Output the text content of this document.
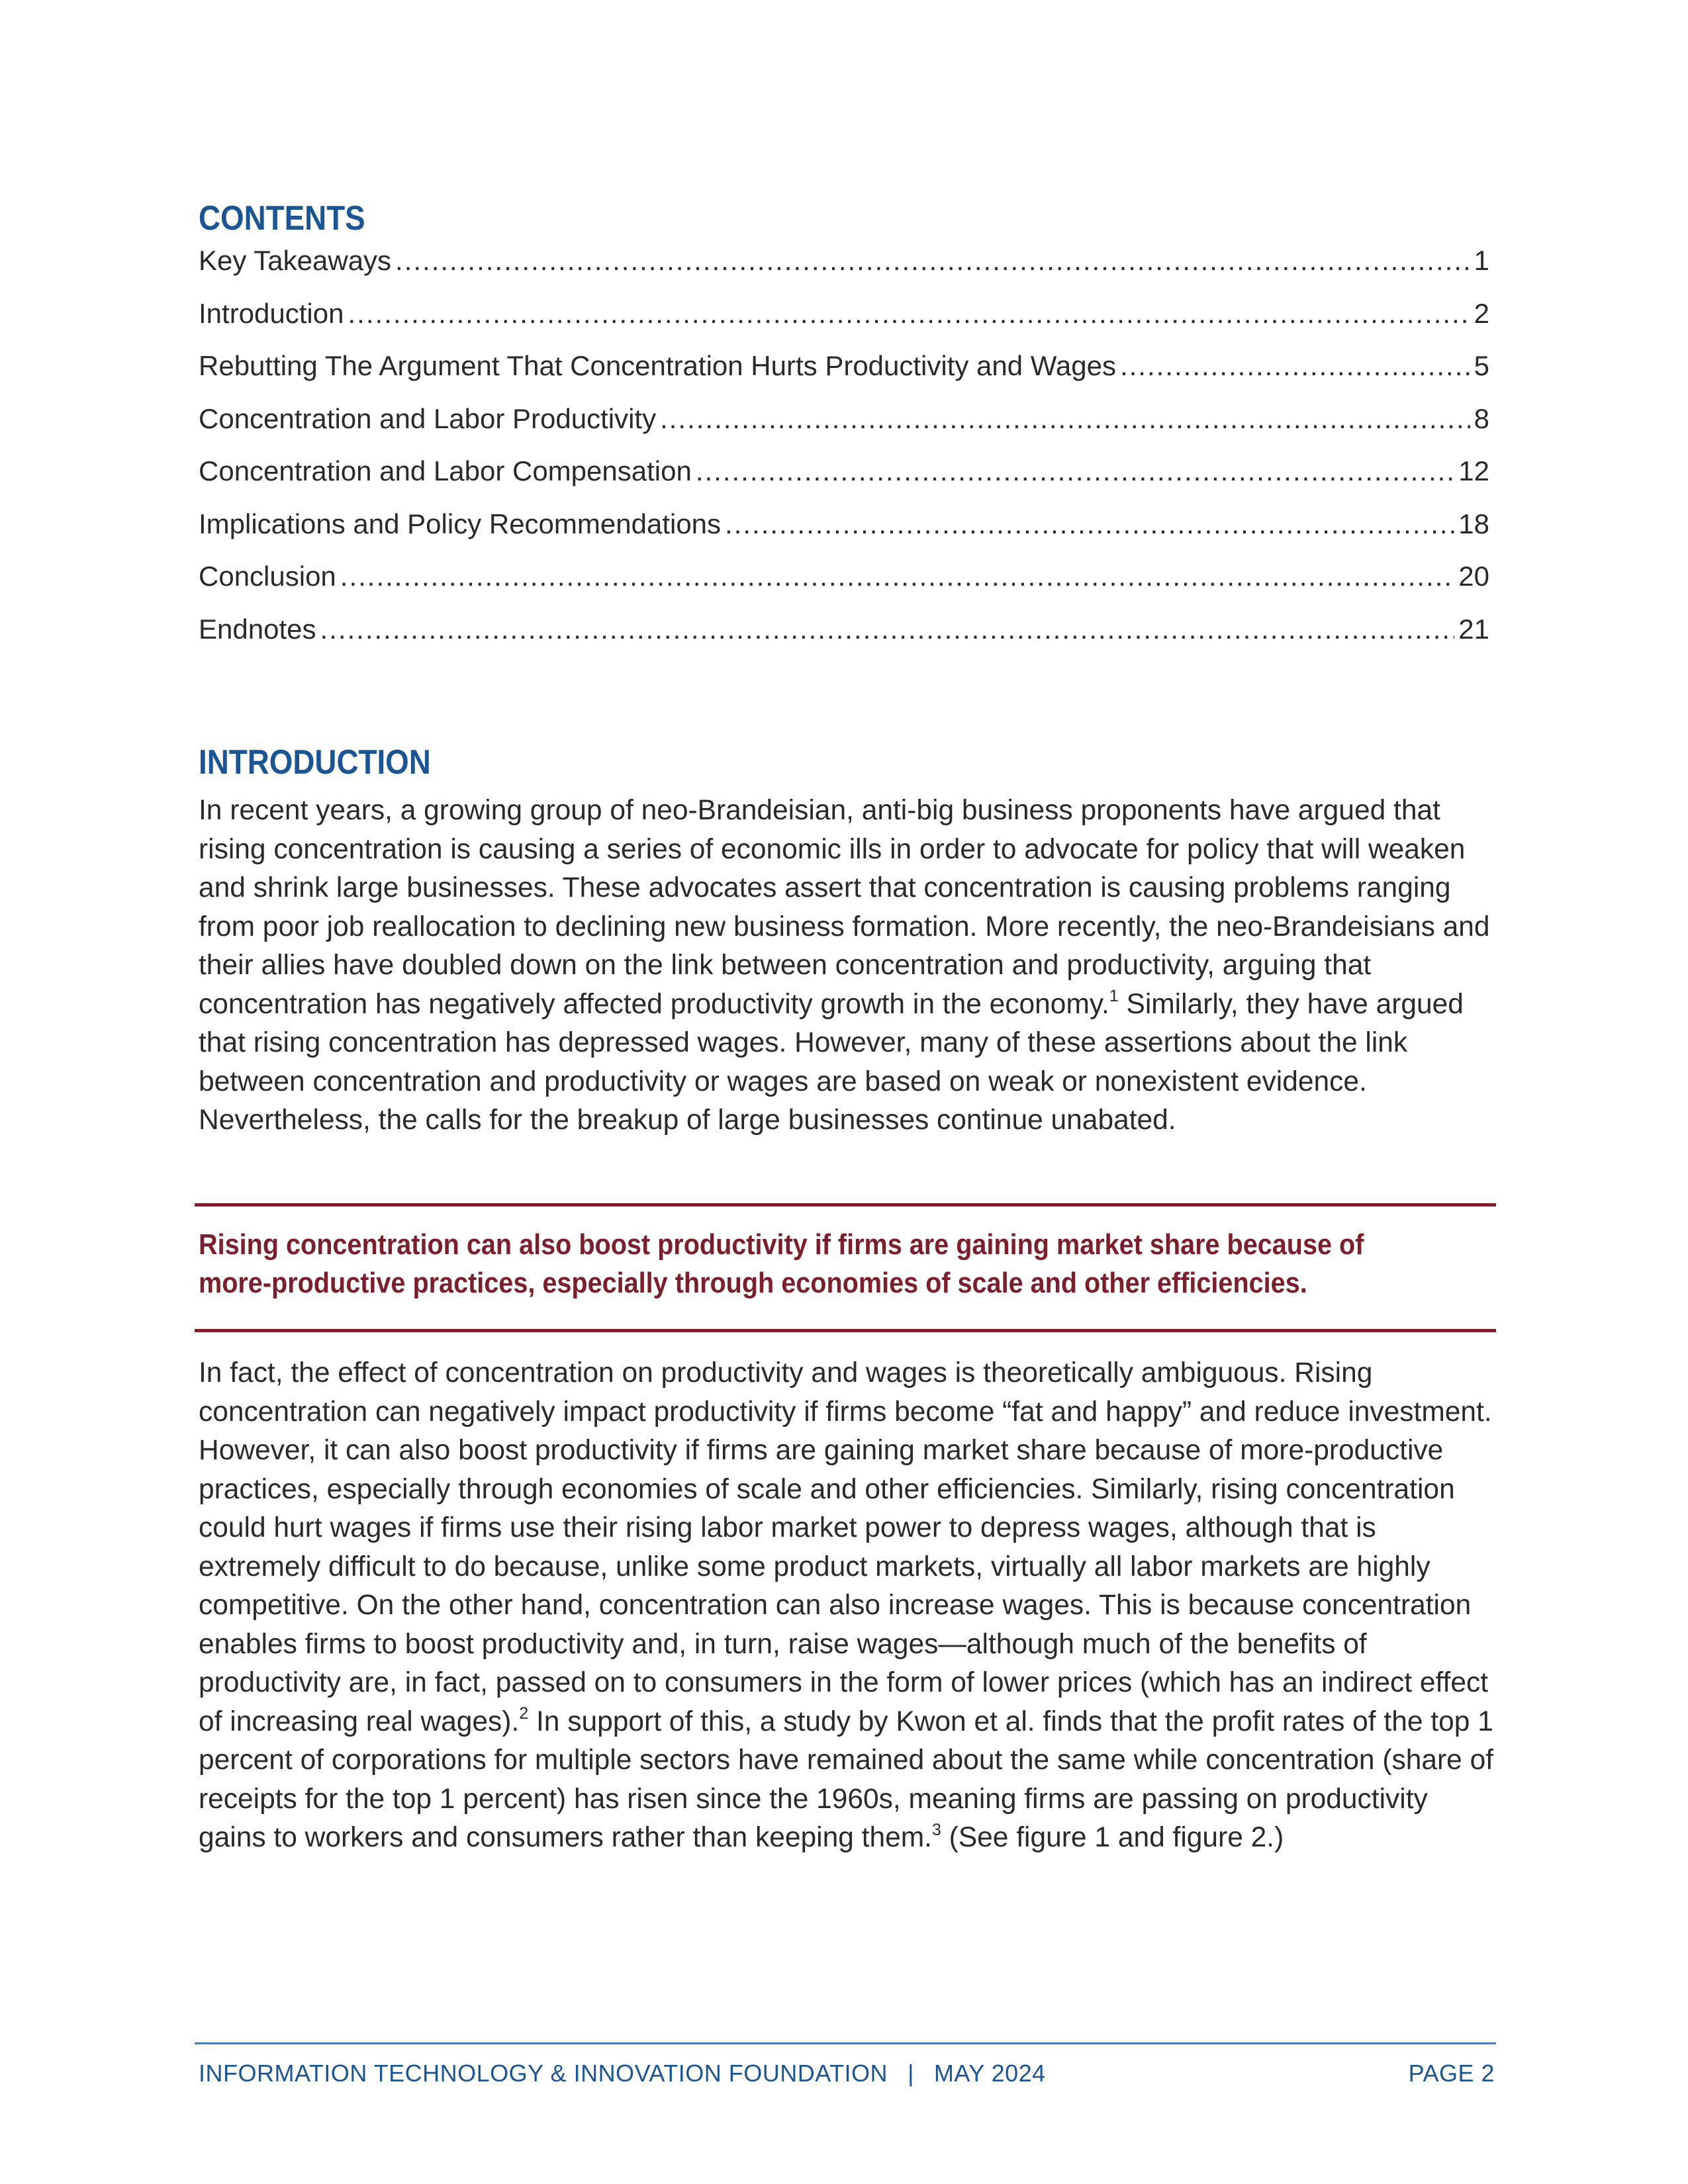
CONTENTS
Key Takeaways .....	1
Introduction .....	2
Rebutting The Argument That Concentration Hurts Productivity and Wages .....	5
Concentration and Labor Productivity .....	8
Concentration and Labor Compensation .....	12
Implications and Policy Recommendations .....	18
Conclusion .....	20
Endnotes .....	21
INTRODUCTION

In recent years, a growing group of neo-Brandeisian, anti-big business proponents have argued that rising concentration is causing a series of economic ills in order to advocate for policy that will weaken and shrink large businesses. These advocates assert that concentration is causing problems ranging from poor job reallocation to declining new business formation. More recently, the neo-Brandeisians and their allies have doubled down on the link between concentration and productivity, arguing that concentration has negatively affected productivity growth in the economy.$^1$ Similarly, they have argued that rising concentration has depressed wages. However, many of these assertions about the link between concentration and productivity or wages are based on weak or nonexistent evidence. Nevertheless, the calls for the breakup of large businesses continue unabated.

Rising concentration can also boost productivity if firms are gaining market share because of more-productive practices, especially through economies of scale and other efficiencies.

In fact, the effect of concentration on productivity and wages is theoretically ambiguous. Rising concentration can negatively impact productivity if firms become “fat and happy” and reduce investment. However, it can also boost productivity if firms are gaining market share because of more-productive practices, especially through economies of scale and other efficiencies. Similarly, rising concentration could hurt wages if firms use their rising labor market power to depress wages, although that is extremely difficult to do because, unlike some product markets, virtually all labor markets are highly competitive. On the other hand, concentration can also increase wages. This is because concentration enables firms to boost productivity and, in turn, raise wages—although much of the benefits of productivity are, in fact, passed on to consumers in the form of lower prices (which has an indirect effect of increasing real wages).$^2$ In support of this, a study by Kwon et al. finds that the profit rates of the top 1 percent of corporations for multiple sectors have remained about the same while concentration (share of receipts for the top 1 percent) has risen since the 1960s, meaning firms are passing on productivity gains to workers and consumers rather than keeping them.$^3$ (See figure 1 and figure 2.)

INFORMATION TECHNOLOGY & INNOVATION FOUNDATION | MAY 2024	PAGE 2
